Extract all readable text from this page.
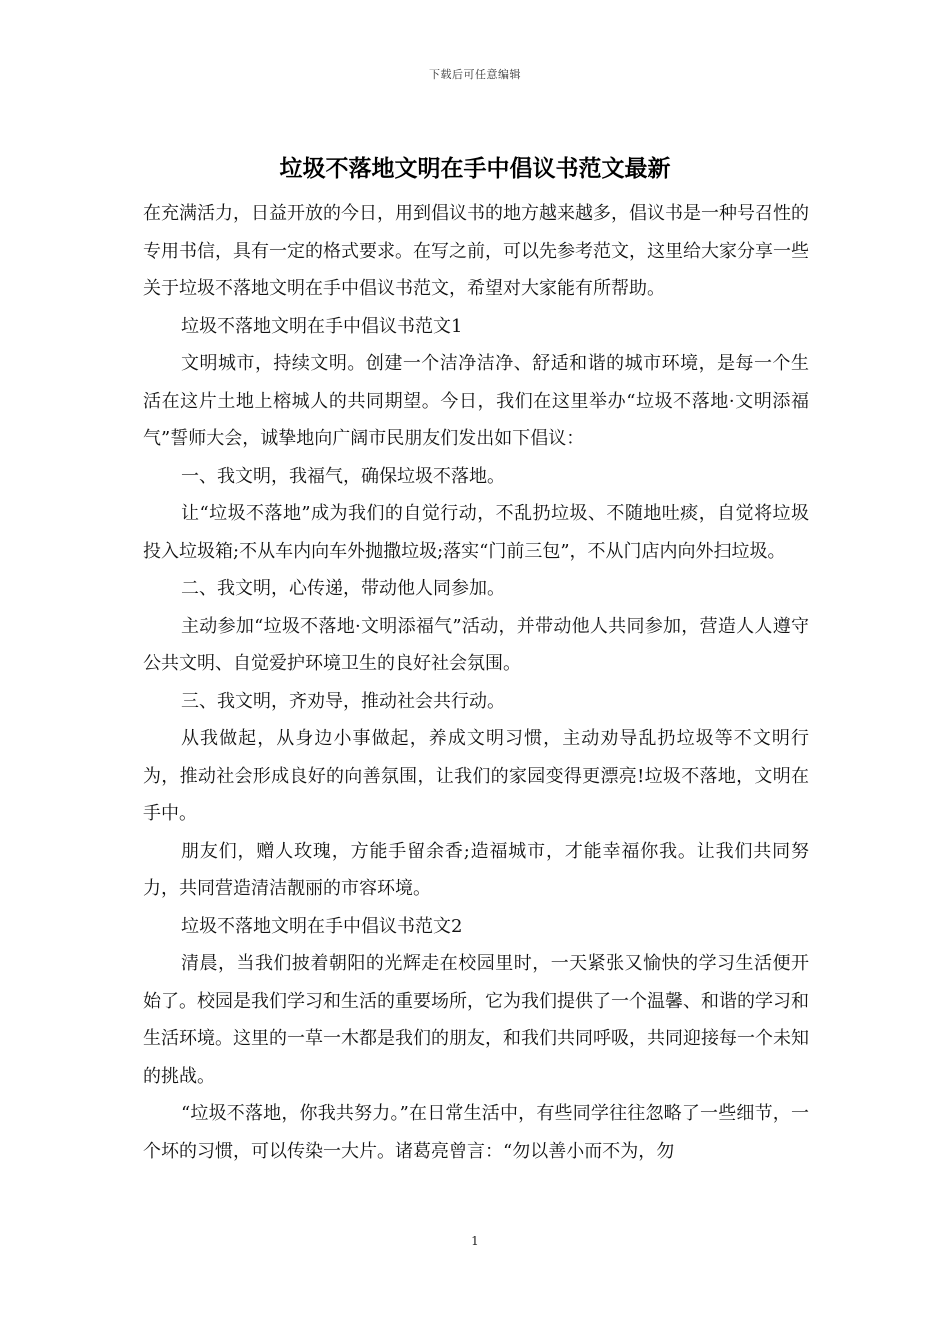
下载后可任意编辑
垃圾不落地文明在手中倡议书范文最新

在充满活力，日益开放的今日，用到倡议书的地方越来越多，倡议书是一种号召性的专用书信，具有一定的格式要求。在写之前，可以先参考范文，这里给大家分享一些关于垃圾不落地文明在手中倡议书范文，希望对大家能有所帮助。

垃圾不落地文明在手中倡议书范文1

文明城市，持续文明。创建一个洁净洁净、舒适和谐的城市环境，是每一个生活在这片土地上榕城人的共同期望。今日，我们在这里举办“垃圾不落地·文明添福气”誓师大会，诚挚地向广阔市民朋友们发出如下倡议：

一、我文明，我福气，确保垃圾不落地。

让“垃圾不落地”成为我们的自觉行动，不乱扔垃圾、不随地吐痰，自觉将垃圾投入垃圾箱;不从车内向车外抛撒垃圾;落实“门前三包”，不从门店内向外扫垃圾。

二、我文明，心传递，带动他人同参加。

主动参加“垃圾不落地·文明添福气”活动，并带动他人共同参加，营造人人遵守公共文明、自觉爱护环境卫生的良好社会氛围。

三、我文明，齐劝导，推动社会共行动。

从我做起，从身边小事做起，养成文明习惯，主动劝导乱扔垃圾等不文明行为，推动社会形成良好的向善氛围，让我们的家园变得更漂亮!垃圾不落地，文明在手中。

朋友们，赠人玫瑰，方能手留余香;造福城市，才能幸福你我。让我们共同努力，共同营造清洁靓丽的市容环境。

垃圾不落地文明在手中倡议书范文2

清晨，当我们披着朝阳的光辉走在校园里时，一天紧张又愉快的学习生活便开始了。校园是我们学习和生活的重要场所，它为我们提供了一个温馨、和谐的学习和生活环境。这里的一草一木都是我们的朋友，和我们共同呼吸，共同迎接每一个未知的挑战。

“垃圾不落地，你我共努力。”在日常生活中，有些同学往往忽略了一些细节，一个坏的习惯，可以传染一大片。诸葛亮曾言：“勿以善小而不为，勿

1
